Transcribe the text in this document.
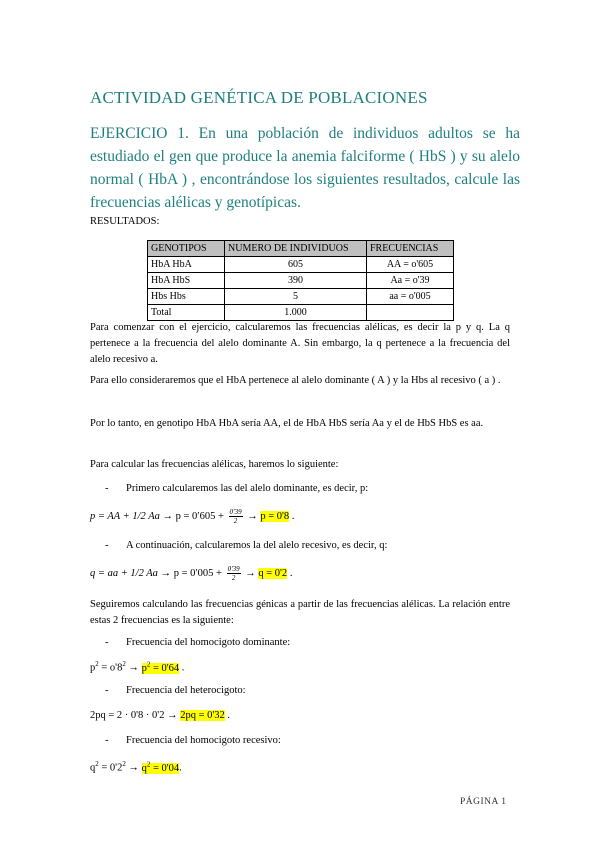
ACTIVIDAD GENÉTICA DE POBLACIONES
EJERCICIO 1. En una población de individuos adultos se ha estudiado el gen que produce la anemia falciforme ( HbS ) y su alelo normal ( HbA ) , encontrándose los siguientes resultados, calcule las frecuencias alélicas y genotípicas.
RESULTADOS:
GENOTIPOS	NUMERO DE INDIVIDUOS	FRECUENCIAS
HbA HbA	605	AA = o'605
HbA HbS	390	Aa = o'39
Hbs Hbs	5	aa = o'005
Total	1.000	
Para comenzar con el ejercicio, calcularemos las frecuencias alélicas, es decir la p y q. La q pertenece a la frecuencia del alelo dominante A. Sin embargo, la q pertenece a la frecuencia del alelo recesivo a.
Para ello consideraremos que el HbA pertenece al alelo dominante ( A ) y la Hbs al recesivo ( a ) .
Por lo tanto, en genotipo HbA HbA sería AA, el de HbA HbS sería Aa y el de HbS HbS es aa.
Para calcular las frecuencias alélicas, haremos lo siguiente:
- Primero calcularemos las del alelo dominante, es decir, p:
p = AA + 1/2 $Aa \to p = 0'605 + \frac{0'39}{2} \to p = 0'8$ .
- A continuación, calcularemos la del alelo recesivo, es decir, q:
q = aa + 1/2 $Aa \to p = 0'005 + \frac{0'39}{2} \to q = 0'2$ .
Seguiremos calculando las frecuencias génicas a partir de las frecuencias alélicas. La relación entre estas 2 frecuencias es la siguiente:
- Frecuencia del homocigoto dominante:
$p^2 = o'8^2 \to p^2 = 0'64$ .
- Frecuencia del heterocigoto:
2pq = 2 · 0'8 · 0'2 → 2pq = 0'32 .
- Frecuencia del homocigoto recesivo:
$q^2 = 0'2^2 \to q^2 = 0'04$.
PÁGINA 1
